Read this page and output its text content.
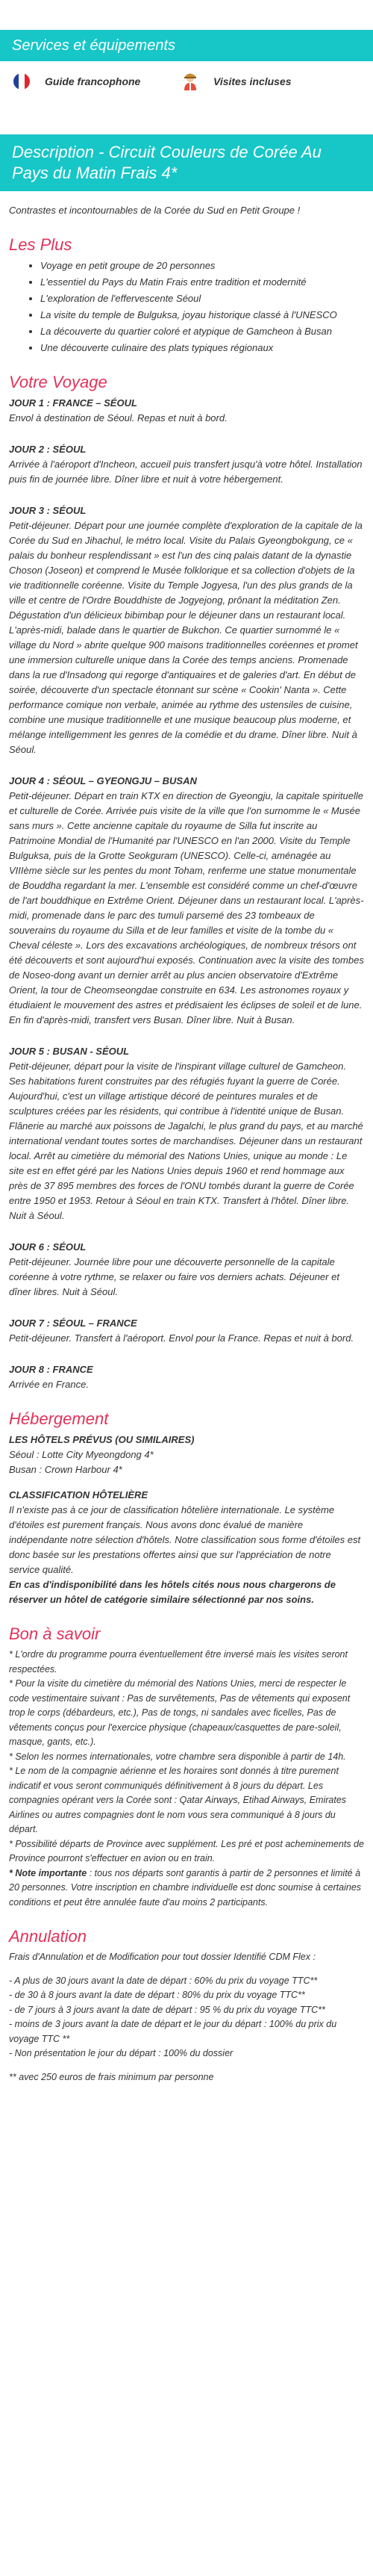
Services et équipements
Guide francophone	Visites incluses
Description - Circuit Couleurs de Corée Au Pays du Matin Frais 4*

Contrastes et incontournables de la Corée du Sud en Petit Groupe !

Les Plus
• Voyage en petit groupe de 20 personnes
• L'essentiel du Pays du Matin Frais entre tradition et modernité
• L'exploration de l'effervescente Séoul
• La visite du temple de Bulguksa, joyau historique classé à l'UNESCO
• La découverte du quartier coloré et atypique de Gamcheon à Busan
• Une découverte culinaire des plats typiques régionaux
Votre Voyage
JOUR 1 : FRANCE – SÉOUL
Envol à destination de Séoul. Repas et nuit à bord.
JOUR 2 : SÉOUL
Arrivée à l'aéroport d'Incheon, accueil puis transfert jusqu'à votre hôtel. Installation puis fin de journée libre. Dîner libre et nuit à votre hébergement.
JOUR 3 : SÉOUL
Petit-déjeuner. Départ pour une journée complète d'exploration de la capitale de la Corée du Sud en Jihachul, le métro local. Visite du Palais Gyeongbokgung, ce « palais du bonheur resplendissant » est l'un des cinq palais datant de la dynastie Choson (Joseon) et comprend le Musée folklorique et sa collection d'objets de la vie traditionnelle coréenne. Visite du Temple Jogyesa, l'un des plus grands de la ville et centre de l'Ordre Bouddhiste de Jogyejong, prônant la méditation Zen. Dégustation d'un délicieux bibimbap pour le déjeuner dans un restaurant local. L'après-midi, balade dans le quartier de Bukchon. Ce quartier surnommé le « village du Nord » abrite quelque 900 maisons traditionnelles coréennes et promet une immersion culturelle unique dans la Corée des temps anciens. Promenade dans la rue d'Insadong qui regorge d'antiquaires et de galeries d'art. En début de soirée, découverte d'un spectacle étonnant sur scène « Cookin' Nanta ». Cette performance comique non verbale, animée au rythme des ustensiles de cuisine, combine une musique traditionnelle et une musique beaucoup plus moderne, et mélange intelligemment les genres de la comédie et du drame. Dîner libre. Nuit à Séoul.
JOUR 4 : SÉOUL – GYEONGJU – BUSAN
Petit-déjeuner. Départ en train KTX en direction de Gyeongju, la capitale spirituelle et culturelle de Corée. Arrivée puis visite de la ville que l'on surnomme le « Musée sans murs ». Cette ancienne capitale du royaume de Silla fut inscrite au Patrimoine Mondial de l'Humanité par l'UNESCO en l'an 2000. Visite du Temple Bulguksa, puis de la Grotte Seokguram (UNESCO). Celle-ci, aménagée au VIIIème siècle sur les pentes du mont Toham, renferme une statue monumentale de Bouddha regardant la mer. L'ensemble est considéré comme un chef-d'œuvre de l'art bouddhique en Extrême Orient. Déjeuner dans un restaurant local. L'après-midi, promenade dans le parc des tumuli parsemé des 23 tombeaux de souverains du royaume du Silla et de leur familles et visite de la tombe du « Cheval céleste ». Lors des excavations archéologiques, de nombreux trésors ont été découverts et sont aujourd'hui exposés. Continuation avec la visite des tombes de Noseo-dong avant un dernier arrêt au plus ancien observatoire d'Extrême Orient, la tour de Cheomseongdae construite en 634. Les astronomes royaux y étudiaient le mouvement des astres et prédisaient les éclipses de soleil et de lune. En fin d'après-midi, transfert vers Busan. Dîner libre. Nuit à Busan.
JOUR 5 : BUSAN - SÉOUL
Petit-déjeuner, départ pour la visite de l'inspirant village culturel de Gamcheon. Ses habitations furent construites par des réfugiés fuyant la guerre de Corée. Aujourd'hui, c'est un village artistique décoré de peintures murales et de sculptures créées par les résidents, qui contribue à l'identité unique de Busan. Flânerie au marché aux poissons de Jagalchi, le plus grand du pays, et au marché international vendant toutes sortes de marchandises. Déjeuner dans un restaurant local. Arrêt au cimetière du mémorial des Nations Unies, unique au monde : Le site est en effet géré par les Nations Unies depuis 1960 et rend hommage aux près de 37 895 membres des forces de l'ONU tombés durant la guerre de Corée entre 1950 et 1953. Retour à Séoul en train KTX. Transfert à l'hôtel. Dîner libre. Nuit à Séoul.
JOUR 6 : SÉOUL
Petit-déjeuner. Journée libre pour une découverte personnelle de la capitale coréenne à votre rythme, se relaxer ou faire vos derniers achats. Déjeuner et dîner libres. Nuit à Séoul.
JOUR 7 : SÉOUL – FRANCE
Petit-déjeuner. Transfert à l'aéroport. Envol pour la France. Repas et nuit à bord.
JOUR 8 : FRANCE
Arrivée en France.
Hébergement

LES HÔTELS PRÉVUS (OU SIMILAIRES)
Séoul : Lotte City Myeongdong 4*
Busan : Crown Harbour 4*

CLASSIFICATION HÔTELIÈRE
Il n'existe pas à ce jour de classification hôtelière internationale. Le système d'étoiles est purement français. Nous avons donc évalué de manière indépendante notre sélection d'hôtels. Notre classification sous forme d'étoiles est donc basée sur les prestations offertes ainsi que sur l'appréciation de notre service qualité.
En cas d'indisponibilité dans les hôtels cités nous nous chargerons de réserver un hôtel de catégorie similaire sélectionné par nos soins.

Bon à savoir

* L'ordre du programme pourra éventuellement être inversé mais les visites seront respectées.

* Pour la visite du cimetière du mémorial des Nations Unies, merci de respecter le code vestimentaire suivant : Pas de survêtements, Pas de vêtements qui exposent trop le corps (débardeurs, etc.), Pas de tongs, ni sandales avec ficelles, Pas de vêtements conçus pour l'exercice physique (chapeaux/casquettes de pare-soleil, masque, gants, etc.).

* Selon les normes internationales, votre chambre sera disponible à partir de 14h.

* Le nom de la compagnie aérienne et les horaires sont donnés à titre purement indicatif et vous seront communiqués définitivement à 8 jours du départ. Les compagnies opérant vers la Corée sont : Qatar Airways, Etihad Airways, Emirates Airlines ou autres compagnies dont le nom vous sera communiqué à 8 jours du départ.

* Possibilité départs de Province avec supplément. Les pré et post acheminements de Province pourront s'effectuer en avion ou en train.

* Note importante : tous nos départs sont garantis à partir de 2 personnes et limité à 20 personnes. Votre inscription en chambre individuelle est donc soumise à certaines conditions et peut être annulée faute d'au moins 2 participants.

Annulation

Frais d'Annulation et de Modification pour tout dossier Identifié CDM Flex :

- A plus de 30 jours avant la date de départ : 60% du prix du voyage TTC**
- de 30 à 8 jours avant la date de départ : 80% du prix du voyage TTC**
- de 7 jours à 3 jours avant la date de départ : 95 % du prix du voyage TTC**
- moins de 3 jours avant la date de départ et le jour du départ : 100% du prix du voyage TTC **
- Non présentation le jour du départ : 100% du dossier

** avec 250 euros de frais minimum par personne
